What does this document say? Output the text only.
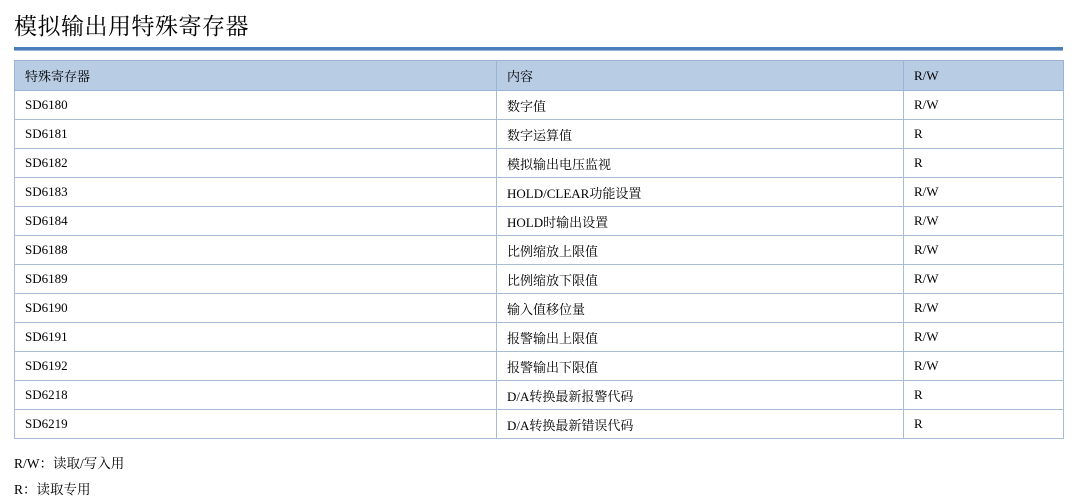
模拟输出用特殊寄存器
特殊寄存器	内容	R/W
SD6180	数字值	R/W
SD6181	数字运算值	R
SD6182	模拟输出电压监视	R
SD6183	HOLD/CLEAR功能设置	R/W
SD6184	HOLD时输出设置	R/W
SD6188	比例缩放上限值	R/W
SD6189	比例缩放下限值	R/W
SD6190	输入值移位量	R/W
SD6191	报警输出上限值	R/W
SD6192	报警输出下限值	R/W
SD6218	D/A转换最新报警代码	R
SD6219	D/A转换最新错误代码	R
R/W：读取/写入用
R：读取专用
